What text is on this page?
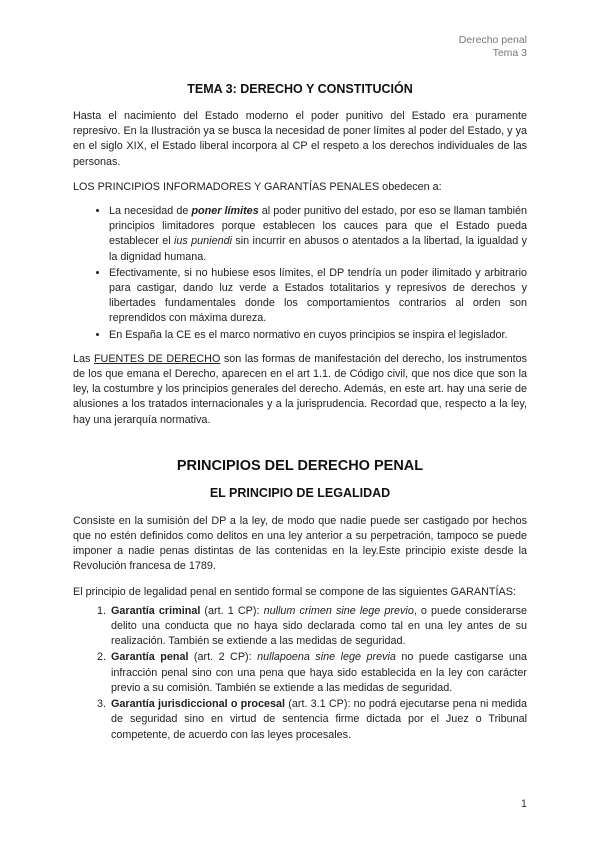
Derecho penal
Tema 3
TEMA 3: DERECHO Y CONSTITUCIÓN

Hasta el nacimiento del Estado moderno el poder punitivo del Estado era puramente represivo. En la Ilustración ya se busca la necesidad de poner límites al poder del Estado, y ya en el siglo XIX, el Estado liberal incorpora al CP el respeto a los derechos individuales de las personas.

LOS PRINCIPIOS INFORMADORES Y GARANTÍAS PENALES obedecen a:

• La necesidad de poner límites al poder punitivo del estado, por eso se llaman también principios limitadores porque establecen los cauces para que el Estado pueda establecer el ius puniendi sin incurrir en abusos o atentados a la libertad, la igualdad y la dignidad humana.
• Efectivamente, si no hubiese esos límites, el DP tendría un poder ilimitado y arbitrario para castigar, dando luz verde a Estados totalitarios y represivos de derechos y libertades fundamentales donde los comportamientos contrarios al orden son reprendidos con máxima dureza.
• En España la CE es el marco normativo en cuyos principios se inspira el legislador.

Las FUENTES DE DERECHO son las formas de manifestación del derecho, los instrumentos de los que emana el Derecho, aparecen en el art 1.1. de Código civil, que nos dice que son la ley, la costumbre y los principios generales del derecho. Además, en este art. hay una serie de alusiones a los tratados internacionales y a la jurisprudencia. Recordad que, respecto a la ley, hay una jerarquía normativa.

PRINCIPIOS DEL DERECHO PENAL
EL PRINCIPIO DE LEGALIDAD

Consiste en la sumisión del DP a la ley, de modo que nadie puede ser castigado por hechos que no estén definidos como delitos en una ley anterior a su perpetración, tampoco se puede imponer a nadie penas distintas de las contenidas en la ley.Este principio existe desde la Revolución francesa de 1789.

El principio de legalidad penal en sentido formal se compone de las siguientes GARANTÍAS:

1. Garantía criminal (art. 1 CP): nullum crimen sine lege previo, o puede considerarse delito una conducta que no haya sido declarada como tal en una ley antes de su realización. También se extiende a las medidas de seguridad.
2. Garantía penal (art. 2 CP): nullapoena sine lege previa no puede castigarse una infracción penal sino con una pena que haya sido establecida en la ley con carácter previo a su comisión. También se extiende a las medidas de seguridad.
3. Garantía jurisdiccional o procesal (art. 3.1 CP): no podrá ejecutarse pena ni medida de seguridad sino en virtud de sentencia firme dictada por el Juez o Tribunal competente, de acuerdo con las leyes procesales.
1
